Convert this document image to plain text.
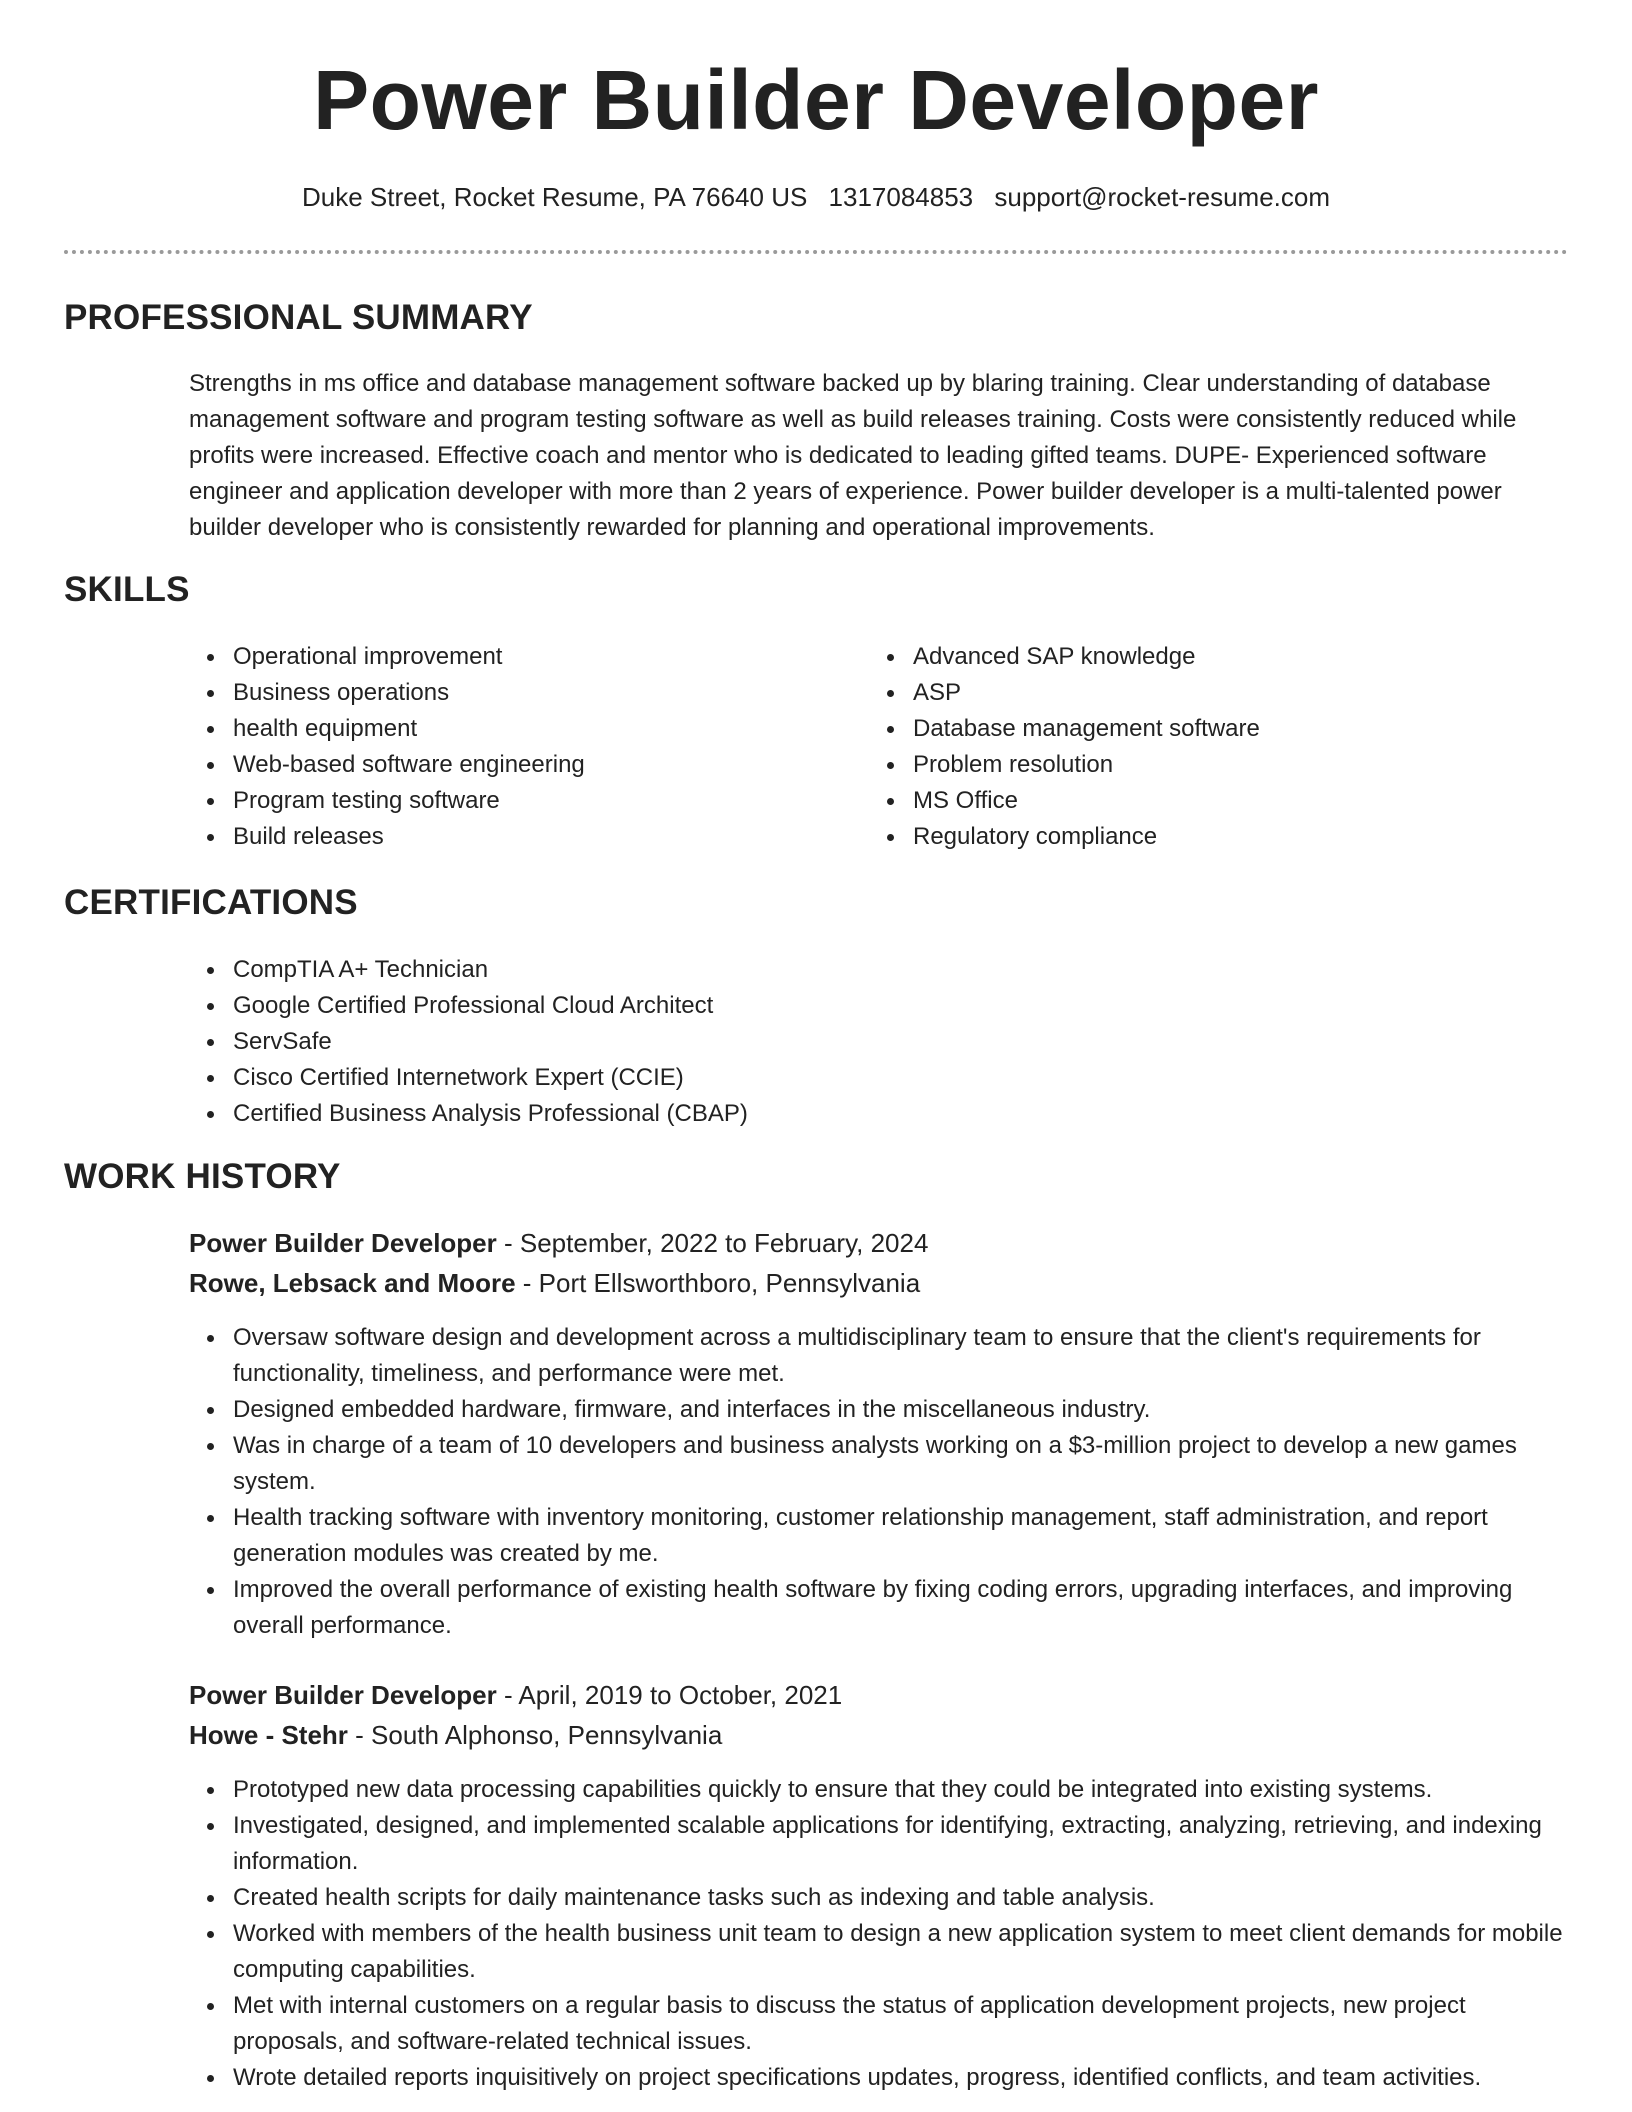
Power Builder Developer
Duke Street, Rocket Resume, PA 76640 US 1317084853 support@rocket-resume.com
PROFESSIONAL SUMMARY
Strengths in ms office and database management software backed up by blaring training. Clear understanding of database management software and program testing software as well as build releases training. Costs were consistently reduced while profits were increased. Effective coach and mentor who is dedicated to leading gifted teams. DUPE- Experienced software engineer and application developer with more than 2 years of experience. Power builder developer is a multi-talented power builder developer who is consistently rewarded for planning and operational improvements.
SKILLS
Operational improvement
Business operations
health equipment
Web-based software engineering
Program testing software
Build releases
Advanced SAP knowledge
ASP
Database management software
Problem resolution
MS Office
Regulatory compliance
CERTIFICATIONS
CompTIA A+ Technician
Google Certified Professional Cloud Architect
ServSafe
Cisco Certified Internetwork Expert (CCIE)
Certified Business Analysis Professional (CBAP)
WORK HISTORY
Power Builder Developer - September, 2022 to February, 2024
Rowe, Lebsack and Moore - Port Ellsworthboro, Pennsylvania
Oversaw software design and development across a multidisciplinary team to ensure that the client's requirements for functionality, timeliness, and performance were met.
Designed embedded hardware, firmware, and interfaces in the miscellaneous industry.
Was in charge of a team of 10 developers and business analysts working on a $3-million project to develop a new games system.
Health tracking software with inventory monitoring, customer relationship management, staff administration, and report generation modules was created by me.
Improved the overall performance of existing health software by fixing coding errors, upgrading interfaces, and improving overall performance.
Power Builder Developer - April, 2019 to October, 2021
Howe - Stehr - South Alphonso, Pennsylvania
Prototyped new data processing capabilities quickly to ensure that they could be integrated into existing systems.
Investigated, designed, and implemented scalable applications for identifying, extracting, analyzing, retrieving, and indexing information.
Created health scripts for daily maintenance tasks such as indexing and table analysis.
Worked with members of the health business unit team to design a new application system to meet client demands for mobile computing capabilities.
Met with internal customers on a regular basis to discuss the status of application development projects, new project proposals, and software-related technical issues.
Wrote detailed reports inquisitively on project specifications updates, progress, identified conflicts, and team activities.
